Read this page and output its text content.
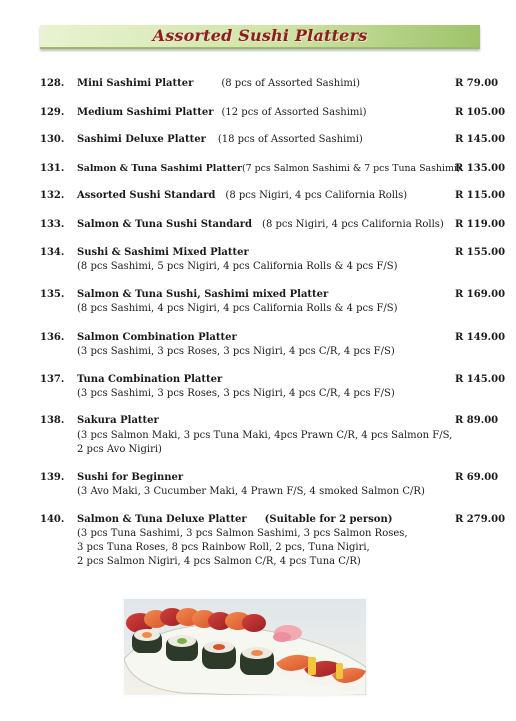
Assorted Sushi Platters
128. Mini Sashimi Platter	(8 pcs of Assorted Sashimi)	R 79.00
129. Medium Sashimi Platter (12 pcs of Assorted Sashimi)	R 105.00
130. Sashimi Deluxe Platter (18 pcs of Assorted Sashimi)	R 145.00
131. Salmon & Tuna Sashimi Platter(7 pcs Salmon Sashimi & 7 pcs Tuna Sashimi)
R 135.00
132. Assorted Sushi Standard (8 pcs Nigiri, 4 pcs California Rolls)	R 115.00
133. Salmon & Tuna Sushi Standard (8 pcs Nigiri, 4 pcs California Rolls)	R 119.00
134. Sushi & Sashimi Mixed Platter
(8 pcs Sashimi, 5 pcs Nigiri, 4 pcs California Rolls & 4 pcs F/S)
R 155.00
135. Salmon & Tuna Sushi, Sashimi mixed Platter
(8 pcs Sashimi, 4 pcs Nigiri, 4 pcs California Rolls & 4 pcs F/S)
R 169.00
136. Salmon Combination Platter
(3 pcs Sashimi, 3 pcs Roses, 3 pcs Nigiri, 4 pcs C/R, 4 pcs F/S)
R 149.00
137. Tuna Combination Platter
(3 pcs Sashimi, 3 pcs Roses, 3 pcs Nigiri, 4 pcs C/R, 4 pcs F/S)
R 145.00
138. Sakura Platter
(3 pcs Salmon Maki, 3 pcs Tuna Maki, 4pcs Prawn C/R, 4 pcs Salmon F/S,
2 pcs Avo Nigiri)
R 89.00
139. Sushi for Beginner
(3 Avo Maki, 3 Cucumber Maki, 4 Prawn F/S, 4 smoked Salmon C/R)
R 69.00
140. Salmon & Tuna Deluxe Platter (Suitable for 2 person)
(3 pcs Tuna Sashimi, 3 pcs Salmon Sashimi, 3 pcs Salmon Roses,
3 pcs Tuna Roses, 8 pcs Rainbow Roll, 2 pcs, Tuna Nigiri,
2 pcs Salmon Nigiri, 4 pcs Salmon C/R, 4 pcs Tuna C/R)
R 279.00
